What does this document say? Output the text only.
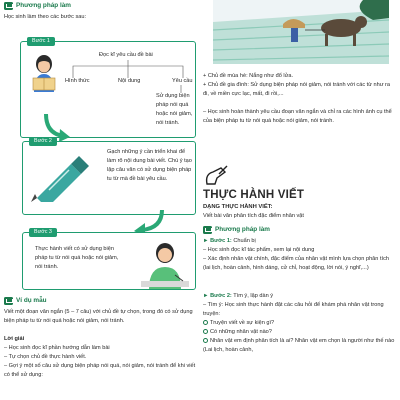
Phương pháp làm
Học sinh làm theo các bước sau:
Bước 1
Đọc kĩ yêu cầu đề bài
Hình thức	Nội dung	Yêu cầu
Sử dụng biện pháp nói quá hoặc nói giảm, nói tránh.
Bước 2
Gạch những ý cần triển khai để làm rõ nội dung bài viết. Chú ý tạo lập câu văn có sử dụng biện pháp tu từ mà đề bài yêu cầu.
Bước 3
Thực hành viết có sử dụng biện pháp tu từ nói quá hoặc nói giảm, nói tránh.
Ví dụ mẫu
Viết một đoạn văn ngắn (5 – 7 câu) với chủ đề tự chọn, trong đó có sử dụng biện pháp tu từ nói quá hoặc nói giảm, nói tránh.
Lời giải
– Học sinh đọc kĩ phần hướng dẫn làm bài
– Tự chọn chủ đề thực hành viết.
– Gợi ý một số câu sử dụng biện pháp nói quá, nói giảm, nói tránh để khi viết có thể sử dụng:
+ Chủ đề mùa hè: Nắng như đổ lửa.
+ Chủ đề gia đình: Sử dụng biện pháp nói giảm, nói tránh với các từ như ra đi, về miền cực lạc, mất, đi rồi,...
– Học sinh hoàn thành yêu cầu đoạn văn ngắn và chỉ ra các hình ảnh cụ thể của biện pháp tu từ nói quá hoặc nói giảm, nói tránh.
THỰC HÀNH VIẾT
DẠNG THỰC HÀNH VIẾT:
Viết bài văn phân tích đặc điểm nhân vật
Phương pháp làm
► Bước 1: Chuẩn bị
– Học sinh đọc kĩ tác phẩm, xem lại nội dung
– Xác định nhân vật chính, đặc điểm của nhân vật mình lựa chọn phân tích (lai lịch, hoàn cảnh, hình dáng, cử chỉ, hoạt động, lời nói, ý nghĩ,...)
► Bước 2: Tìm ý, lập dàn ý
– Tìm ý: Học sinh thực hành đặt các câu hỏi để khám phá nhân vật trong truyện:
Truyện viết về sự kiện gì?
Có những nhân vật nào?
Nhân vật em định phân tích là ai? Nhân vật em chọn là người như thế nào (Lai lịch, hoàn cảnh,
